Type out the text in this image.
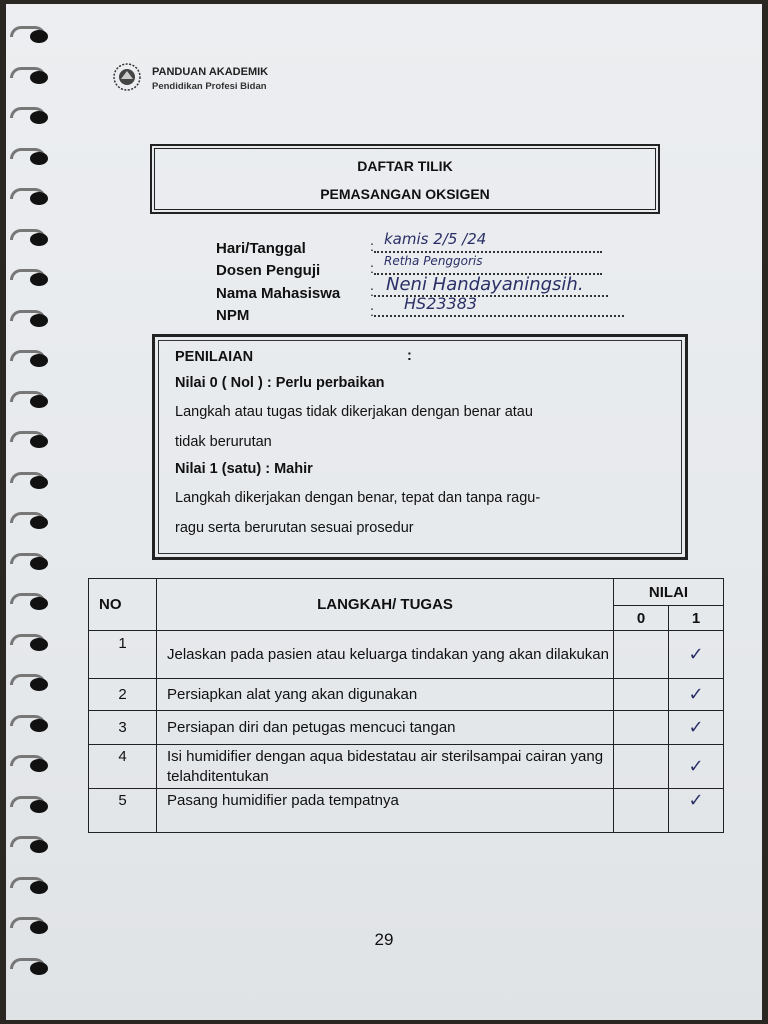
PANDUAN AKADEMIK
Pendidikan Profesi Bidan
DAFTAR TILIK
PEMASANGAN OKSIGEN
Hari/Tanggal	: kamis 2/5 /24
Dosen Penguji	: Retha Penggoris
Nama Mahasiswa : Neni Handayaningsih.
NPM	: HS23383
PENILAIAN	:
Nilai 0 ( Nol ) : Perlu perbaikan
Langkah atau tugas tidak dikerjakan dengan benar atau
tidak berurutan
Nilai 1 (satu) : Mahir
Langkah dikerjakan dengan benar, tepat dan tanpa ragu-
ragu serta berurutan sesuai prosedur
NO	LANGKAH/ TUGAS	NILAI	
		0	1
1	Jelaskan pada pasien atau keluarga tindakan yang akan dilakukan		✓
2	Persiapkan alat yang akan digunakan		✓
3	Persiapan diri dan petugas mencuci tangan		✓
4	Isi humidifier dengan aqua bidestatau air sterilsampai cairan yang telahditentukan		✓
5	Pasang humidifier pada tempatnya		✓
29
